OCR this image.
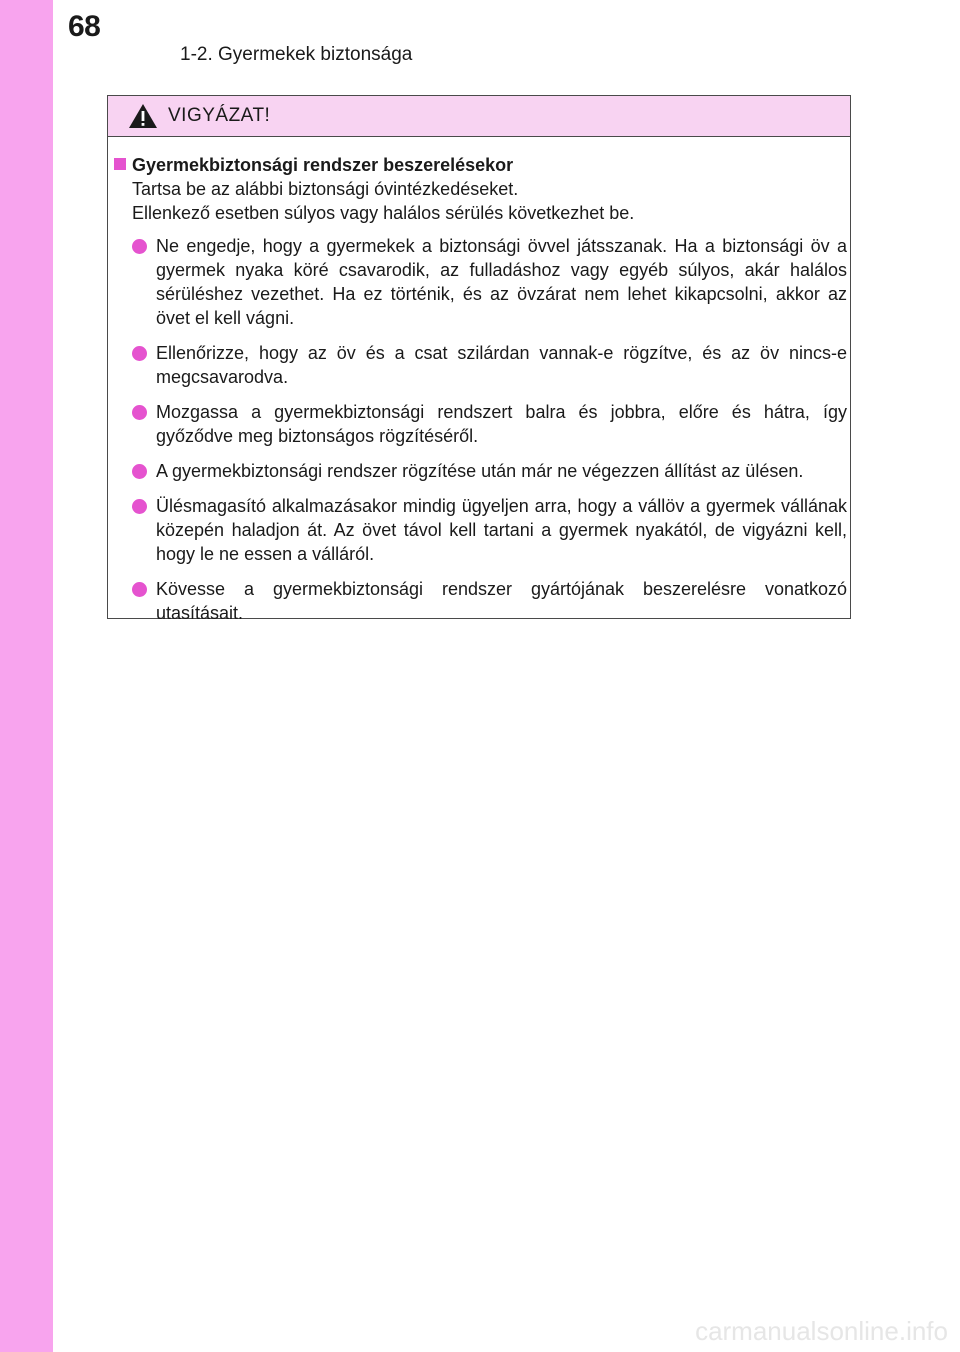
68
1-2. Gyermekek biztonsága
VIGYÁZAT!
Gyermekbiztonsági rendszer beszerelésekor
Tartsa be az alábbi biztonsági óvintézkedéseket.
Ellenkező esetben súlyos vagy halálos sérülés következhet be.
Ne engedje, hogy a gyermekek a biztonsági övvel játsszanak. Ha a biztonsági öv a gyermek nyaka köré csavarodik, az fulladáshoz vagy egyéb súlyos, akár halálos sérüléshez vezethet. Ha ez történik, és az övzárat nem lehet kikapcsolni, akkor az övet el kell vágni.
Ellenőrizze, hogy az öv és a csat szilárdan vannak-e rögzítve, és az öv nincs-e megcsavarodva.
Mozgassa a gyermekbiztonsági rendszert balra és jobbra, előre és hátra, így győződve meg biztonságos rögzítéséről.
A gyermekbiztonsági rendszer rögzítése után már ne végezzen állítást az ülésen.
Ülésmagasító alkalmazásakor mindig ügyeljen arra, hogy a vállöv a gyermek vállának közepén haladjon át. Az övet távol kell tartani a gyermek nyakától, de vigyázni kell, hogy le ne essen a válláról.
Kövesse a gyermekbiztonsági rendszer gyártójának beszerelésre vonatkozó utasításait.
carmanualsonline.info
